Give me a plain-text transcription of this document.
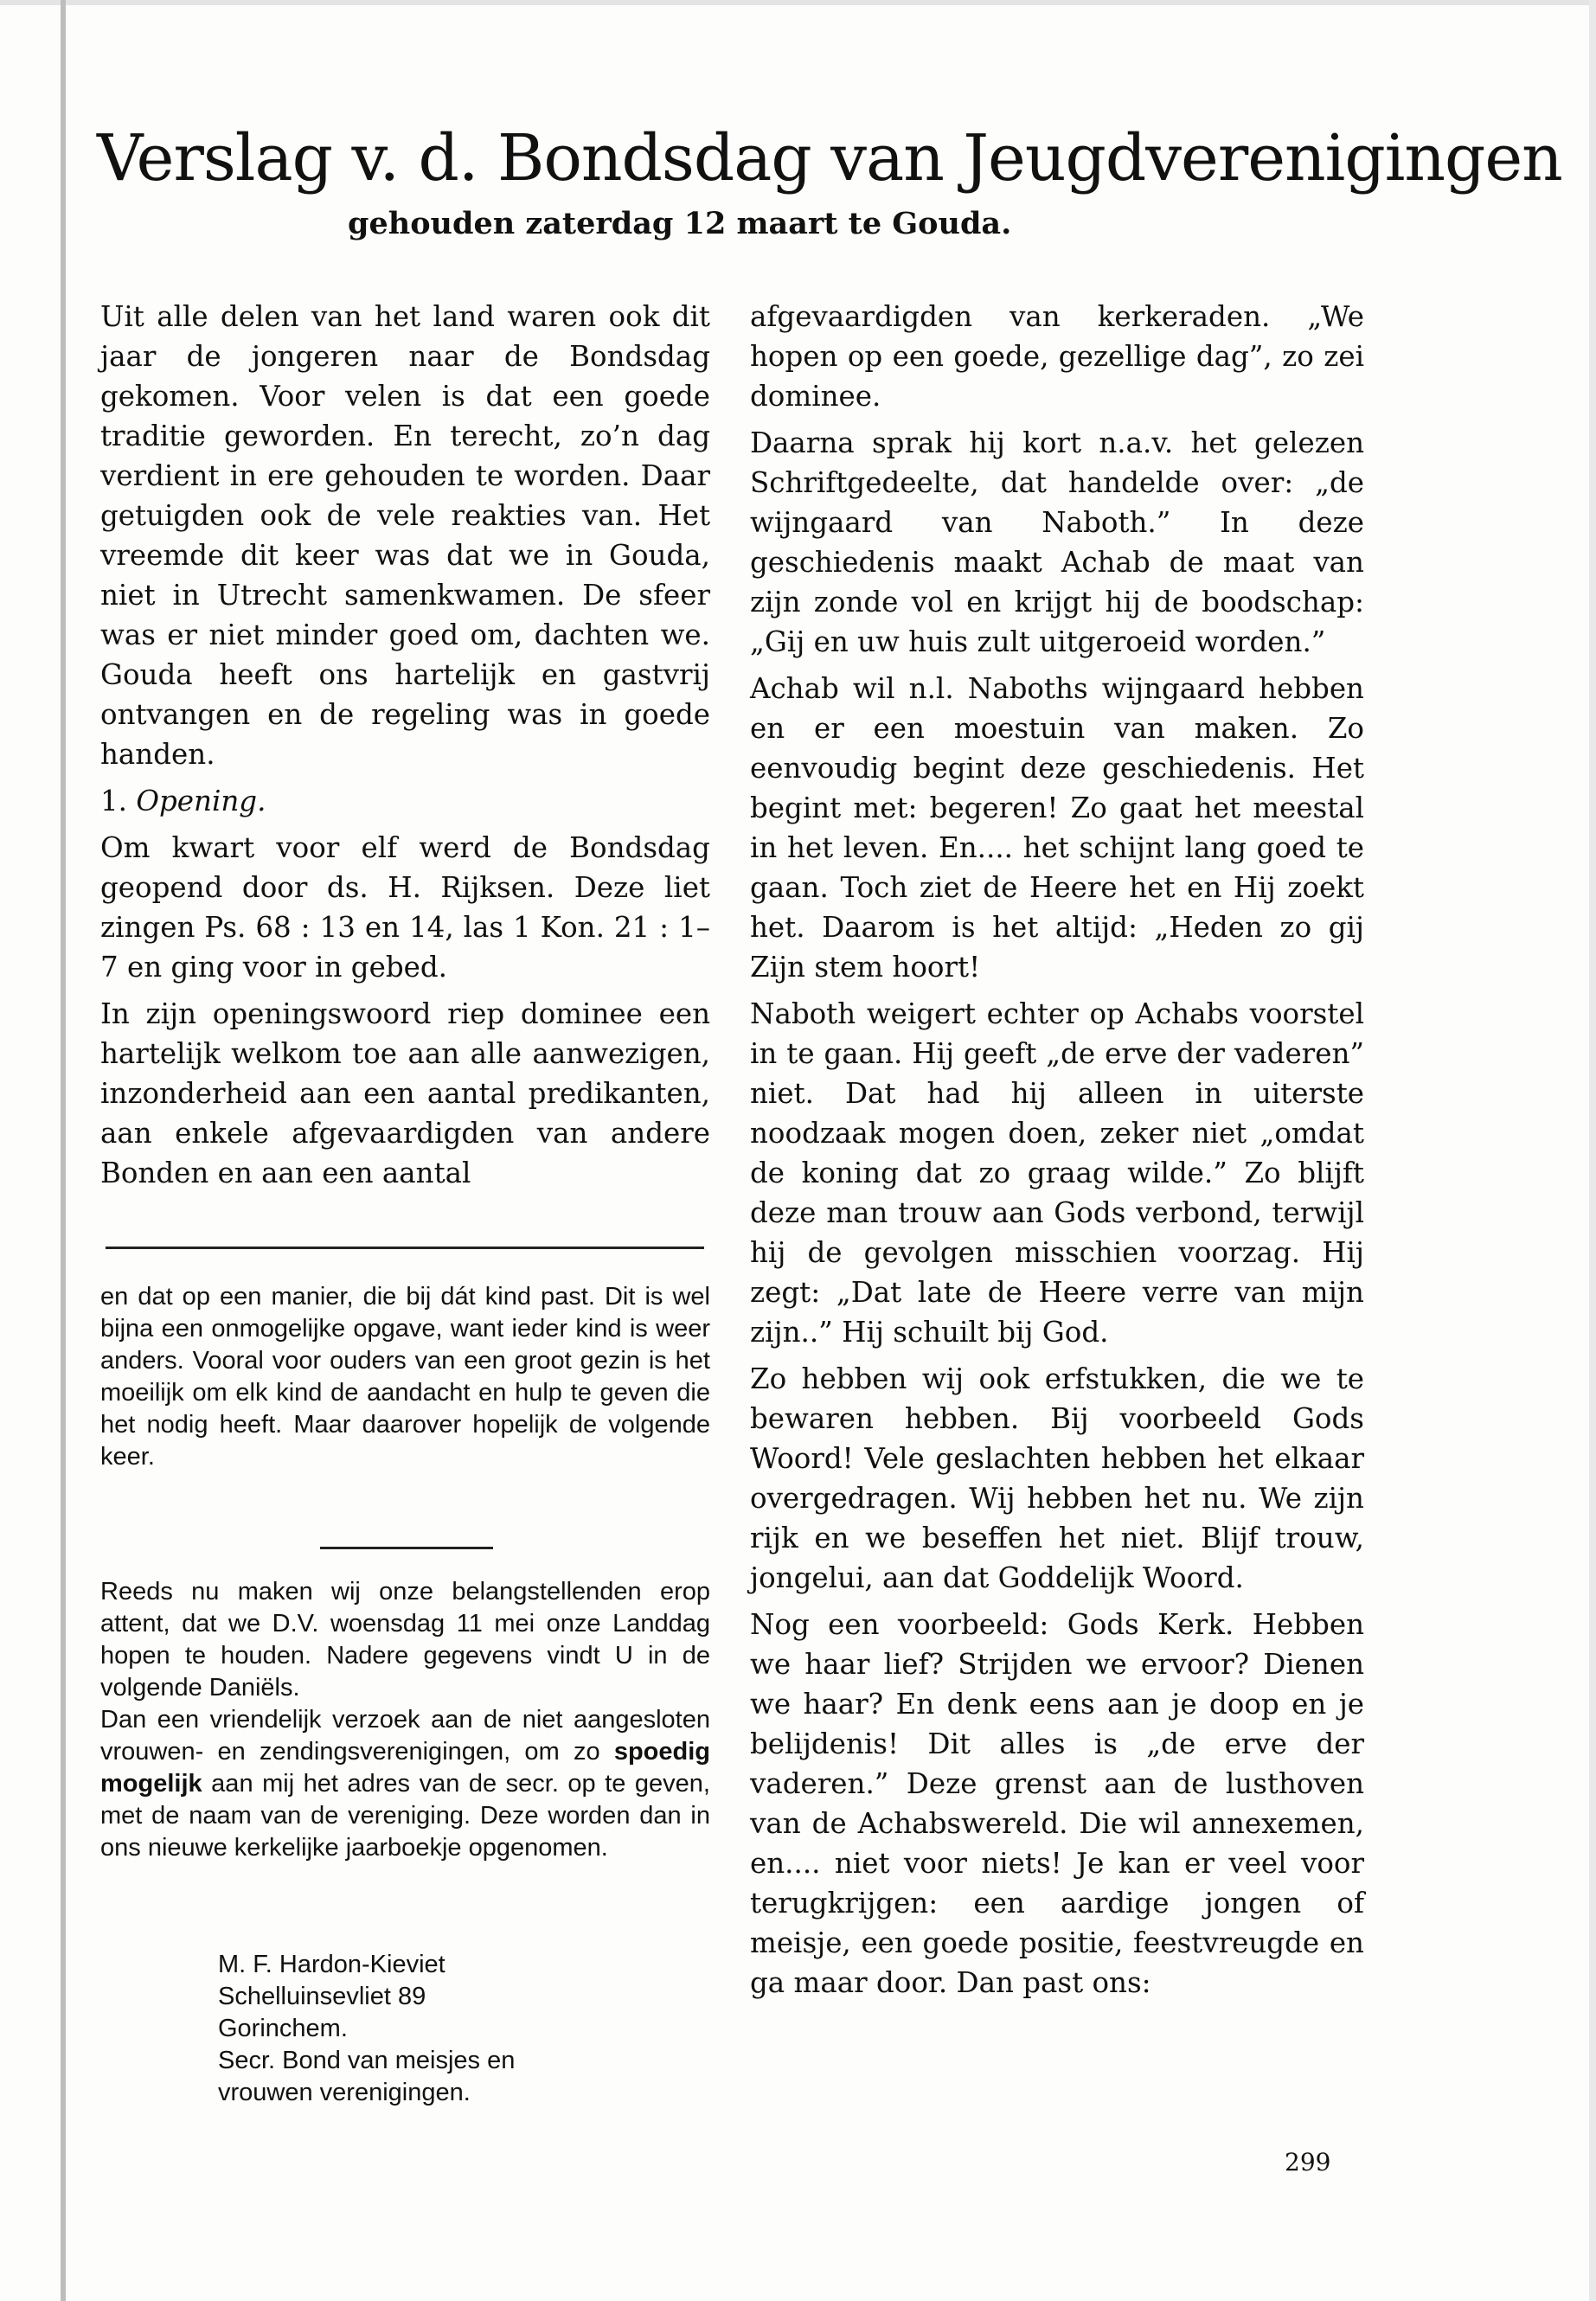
Verslag v. d. Bondsdag van Jeugdverenigingen
gehouden zaterdag 12 maart te Gouda.

Uit alle delen van het land waren ook dit jaar de jongeren naar de Bondsdag gekomen. Voor velen is dat een goede traditie geworden. En terecht, zo’n dag verdient in ere gehouden te worden. Daar getuigden ook de vele reakties van. Het vreemde dit keer was dat we in Gouda, niet in Utrecht samenkwamen. De sfeer was er niet minder goed om, dachten we. Gouda heeft ons hartelijk en gastvrij ontvangen en de regeling was in goede handen.

1. Opening.

Om kwart voor elf werd de Bondsdag geopend door ds. H. Rijksen. Deze liet zingen Ps. 68 : 13 en 14, las 1 Kon. 21 : 1–7 en ging voor in gebed.

In zijn openingswoord riep dominee een hartelijk welkom toe aan alle aanwezigen, inzonderheid aan een aantal predikanten, aan enkele afgevaardigden van andere Bonden en aan een aantal

en dat op een manier, die bij dát kind past. Dit is wel bijna een onmogelijke opgave, want ieder kind is weer anders. Vooral voor ouders van een groot gezin is het moeilijk om elk kind de aandacht en hulp te geven die het nodig heeft. Maar daarover hopelijk de volgende keer.

Reeds nu maken wij onze belangstellenden erop attent, dat we D.V. woensdag 11 mei onze Landdag hopen te houden. Nadere gegevens vindt U in de volgende Daniëls.

Dan een vriendelijk verzoek aan de niet aangesloten vrouwen- en zendingsverenigingen, om zo spoedig mogelijk aan mij het adres van de secr. op te geven, met de naam van de vereniging. Deze worden dan in ons nieuwe kerkelijke jaarboekje opgenomen.

M. F. Hardon-Kieviet
Schelluinsevliet 89
Gorinchem.
Secr. Bond van meisjes en
vrouwen verenigingen.

afgevaardigden van kerkeraden. „We hopen op een goede, gezellige dag”, zo zei dominee.

Daarna sprak hij kort n.a.v. het gelezen Schriftgedeelte, dat handelde over: „de wijngaard van Naboth.” In deze geschiedenis maakt Achab de maat van zijn zonde vol en krijgt hij de boodschap: „Gij en uw huis zult uitgeroeid worden.”

Achab wil n.l. Naboths wijngaard hebben en er een moestuin van maken. Zo eenvoudig begint deze geschiedenis. Het begint met: begeren! Zo gaat het meestal in het leven. En.... het schijnt lang goed te gaan. Toch ziet de Heere het en Hij zoekt het. Daarom is het altijd: „Heden zo gij Zijn stem hoort!

Naboth weigert echter op Achabs voorstel in te gaan. Hij geeft „de erve der vaderen” niet. Dat had hij alleen in uiterste noodzaak mogen doen, zeker niet „omdat de koning dat zo graag wilde.” Zo blijft deze man trouw aan Gods verbond, terwijl hij de gevolgen misschien voorzag. Hij zegt: „Dat late de Heere verre van mijn zijn..” Hij schuilt bij God.

Zo hebben wij ook erfstukken, die we te bewaren hebben. Bij voorbeeld Gods Woord! Vele geslachten hebben het elkaar overgedragen. Wij hebben het nu. We zijn rijk en we beseffen het niet. Blijf trouw, jongelui, aan dat Goddelijk Woord.

Nog een voorbeeld: Gods Kerk. Hebben we haar lief? Strijden we ervoor? Dienen we haar? En denk eens aan je doop en je belijdenis! Dit alles is „de erve der vaderen.” Deze grenst aan de lusthoven van de Achabswereld. Die wil annexemen, en.... niet voor niets! Je kan er veel voor terugkrijgen: een aardige jongen of meisje, een goede positie, feestvreugde en ga maar door. Dan past ons:

299
